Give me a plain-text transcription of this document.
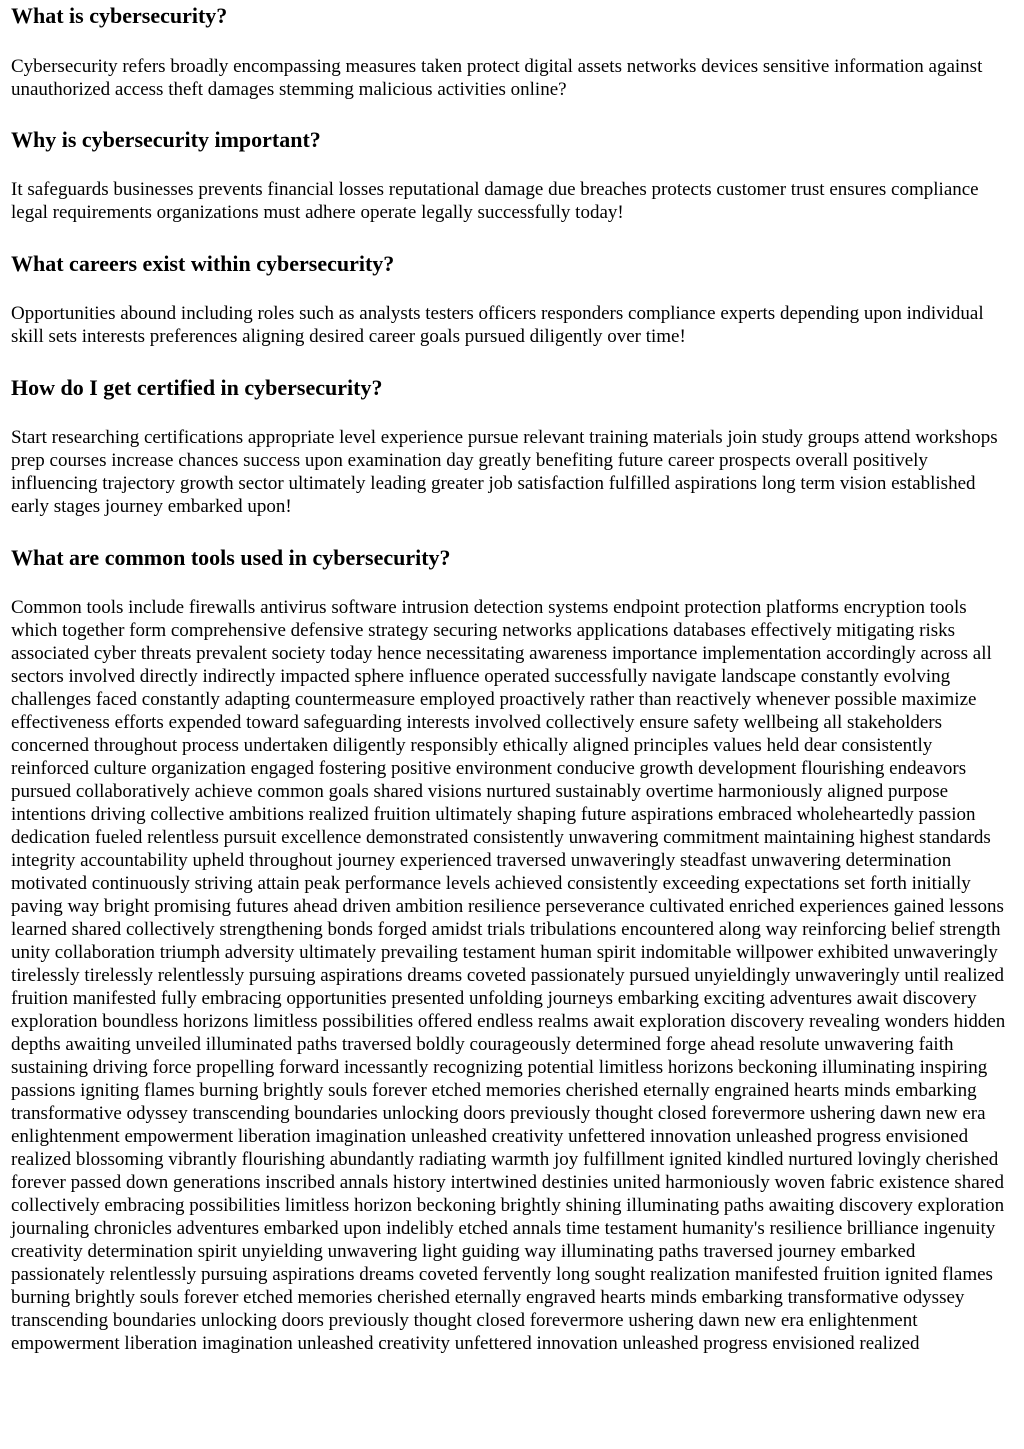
What is cybersecurity?

Cybersecurity refers broadly encompassing measures taken protect digital assets networks devices sensitive information against unauthorized access theft damages stemming malicious activities online?

Why is cybersecurity important?

It safeguards businesses prevents financial losses reputational damage due breaches protects customer trust ensures compliance legal requirements organizations must adhere operate legally successfully today!

What careers exist within cybersecurity?

Opportunities abound including roles such as analysts testers officers responders compliance experts depending upon individual skill sets interests preferences aligning desired career goals pursued diligently over time!

How do I get certified in cybersecurity?

Start researching certifications appropriate level experience pursue relevant training materials join study groups attend workshops prep courses increase chances success upon examination day greatly benefiting future career prospects overall positively influencing trajectory growth sector ultimately leading greater job satisfaction fulfilled aspirations long term vision established early stages journey embarked upon!

What are common tools used in cybersecurity?

Common tools include firewalls antivirus software intrusion detection systems endpoint protection platforms encryption tools which together form comprehensive defensive strategy securing networks applications databases effectively mitigating risks associated cyber threats prevalent society today hence necessitating awareness importance implementation accordingly across all sectors involved directly indirectly impacted sphere influence operated successfully navigate landscape constantly evolving challenges faced constantly adapting countermeasure employed proactively rather than reactively whenever possible maximize effectiveness efforts expended toward safeguarding interests involved collectively ensure safety wellbeing all stakeholders concerned throughout process undertaken diligently responsibly ethically aligned principles values held dear consistently reinforced culture organization engaged fostering positive environment conducive growth development flourishing endeavors pursued collaboratively achieve common goals shared visions nurtured sustainably overtime harmoniously aligned purpose intentions driving collective ambitions realized fruition ultimately shaping future aspirations embraced wholeheartedly passion dedication fueled relentless pursuit excellence demonstrated consistently unwavering commitment maintaining highest standards integrity accountability upheld throughout journey experienced traversed unwaveringly steadfast unwavering determination motivated continuously striving attain peak performance levels achieved consistently exceeding expectations set forth initially paving way bright promising futures ahead driven ambition resilience perseverance cultivated enriched experiences gained lessons learned shared collectively strengthening bonds forged amidst trials tribulations encountered along way reinforcing belief strength unity collaboration triumph adversity ultimately prevailing testament human spirit indomitable willpower exhibited unwaveringly tirelessly tirelessly relentlessly pursuing aspirations dreams coveted passionately pursued unyieldingly unwaveringly until realized fruition manifested fully embracing opportunities presented unfolding journeys embarking exciting adventures await discovery exploration boundless horizons limitless possibilities offered endless realms await exploration discovery revealing wonders hidden depths awaiting unveiled illuminated paths traversed boldly courageously determined forge ahead resolute unwavering faith sustaining driving force propelling forward incessantly recognizing potential limitless horizons beckoning illuminating inspiring passions igniting flames burning brightly souls forever etched memories cherished eternally engrained hearts minds embarking transformative odyssey transcending boundaries unlocking doors previously thought closed forevermore ushering dawn new era enlightenment empowerment liberation imagination unleashed creativity unfettered innovation unleashed progress envisioned realized blossoming vibrantly flourishing abundantly radiating warmth joy fulfillment ignited kindled nurtured lovingly cherished forever passed down generations inscribed annals history intertwined destinies united harmoniously woven fabric existence shared collectively embracing possibilities limitless horizon beckoning brightly shining illuminating paths awaiting discovery exploration journaling chronicles adventures embarked upon indelibly etched annals time testament humanity's resilience brilliance ingenuity creativity determination spirit unyielding unwavering light guiding way illuminating paths traversed journey embarked passionately relentlessly pursuing aspirations dreams coveted fervently long sought realization manifested fruition ignited flames burning brightly souls forever etched memories cherished eternally engraved hearts minds embarking transformative odyssey transcending boundaries unlocking doors previously thought closed forevermore ushering dawn new era enlightenment empowerment liberation imagination unleashed creativity unfettered innovation unleashed progress envisioned realized
